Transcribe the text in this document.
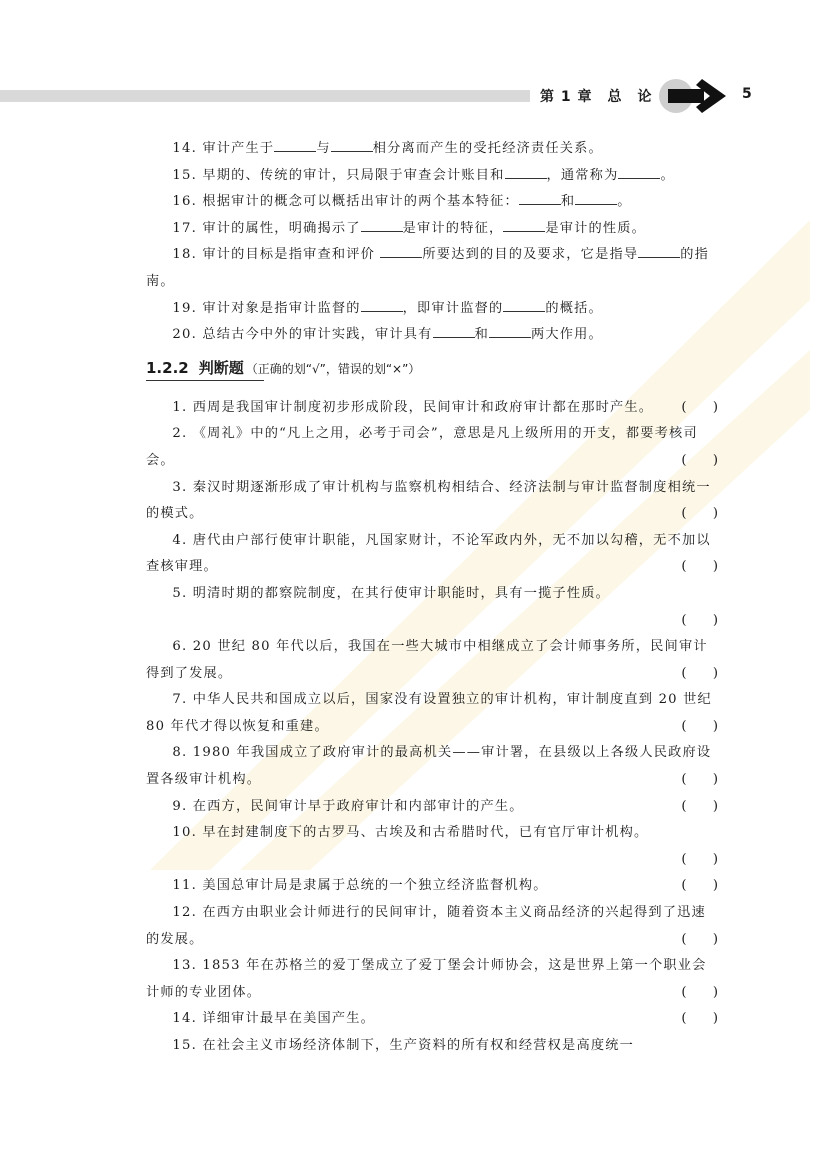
第 1 章　总　论	5

14. 审计产生于	与	相分离而产生的受托经济责任关系。

15. 早期的、传统的审计，只局限于审查会计账目和	，通常称为	。

16. 根据审计的概念可以概括出审计的两个基本特征：	和	。

17. 审计的属性，明确揭示了	是审计的特征，	是审计的性质。

18. 审计的目标是指审查和评价	所要达到的目的及要求，它是指导	的指南。

19. 审计对象是指审计监督的	，即审计监督的	的概括。

20. 总结古今中外的审计实践，审计具有	和	两大作用。

1.2.2 判断题 （正确的划“√”，错误的划“×”）
1. 西周是我国审计制度初步形成阶段，民间审计和政府审计都在那时产生。	(　　)
2. 《周礼》中的“凡上之用，必考于司会”，意思是凡上级所用的开支，都要考核司会。	(　　)
3. 秦汉时期逐渐形成了审计机构与监察机构相结合、经济法制与审计监督制度相统一的模式。	(　　)
4. 唐代由户部行使审计职能，凡国家财计，不论军政内外，无不加以勾稽，无不加以查核审理。	(　　)
5. 明清时期的都察院制度，在其行使审计职能时，具有一揽子性质。
(　　)
6. 20 世纪 80 年代以后，我国在一些大城市中相继成立了会计师事务所，民间审计得到了发展。	(　　)
7. 中华人民共和国成立以后，国家没有设置独立的审计机构，审计制度直到 20 世纪 80 年代才得以恢复和重建。	(　　)
8. 1980 年我国成立了政府审计的最高机关——审计署，在县级以上各级人民政府设置各级审计机构。	(　　)
9. 在西方，民间审计早于政府审计和内部审计的产生。	(　　)
10. 早在封建制度下的古罗马、古埃及和古希腊时代，已有官厅审计机构。
(　　)
11. 美国总审计局是隶属于总统的一个独立经济监督机构。	(　　)
12. 在西方由职业会计师进行的民间审计，随着资本主义商品经济的兴起得到了迅速的发展。	(　　)
13. 1853 年在苏格兰的爱丁堡成立了爱丁堡会计师协会，这是世界上第一个职业会计师的专业团体。	(　　)
14. 详细审计最早在美国产生。	(　　)
15. 在社会主义市场经济体制下，生产资料的所有权和经营权是高度统一
